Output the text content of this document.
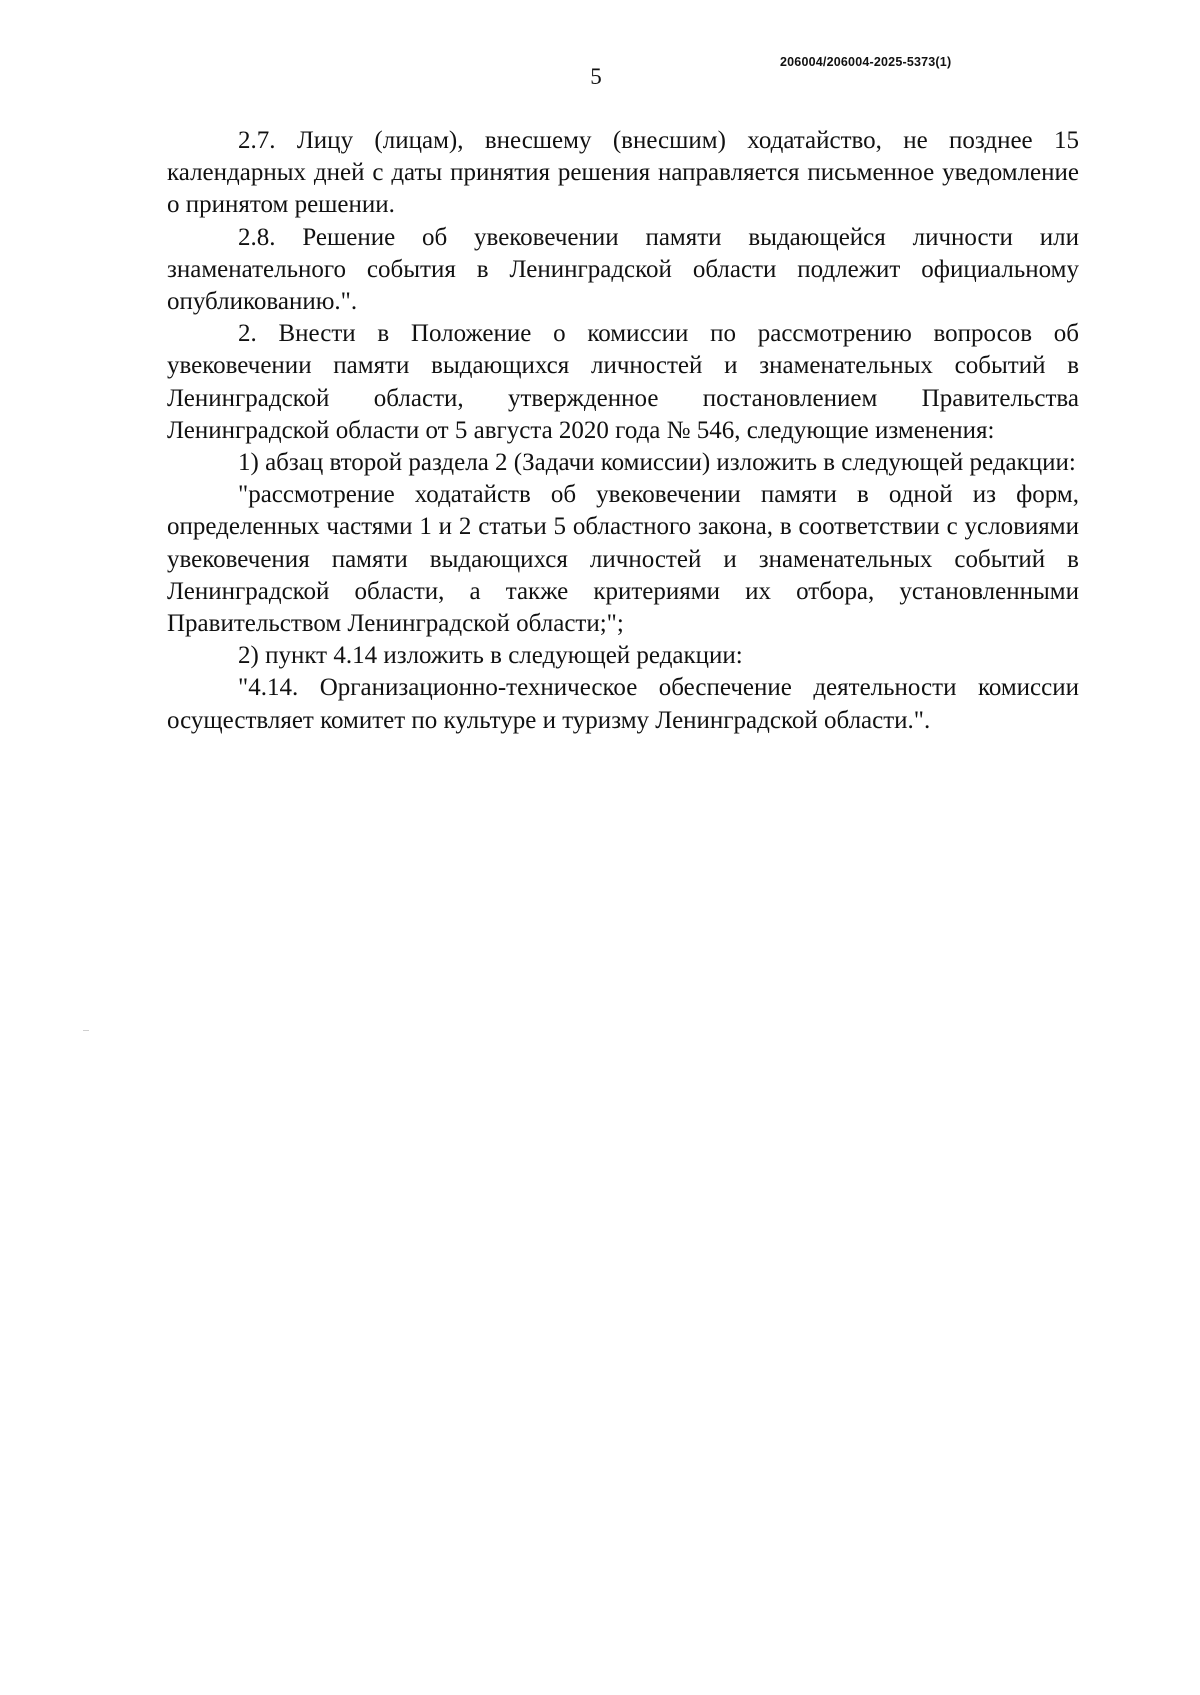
206004/206004-2025-5373(1)
5

2.7. Лицу (лицам), внесшему (внесшим) ходатайство, не позднее 15 календарных дней с даты принятия решения направляется письменное уведомление о принятом решении.

2.8. Решение об увековечении памяти выдающейся личности или знаменательного события в Ленинградской области подлежит официальному опубликованию.".

2. Внести в Положение о комиссии по рассмотрению вопросов об увековечении памяти выдающихся личностей и знаменательных событий в Ленинградской области, утвержденное постановлением Правительства Ленинградской области от 5 августа 2020 года № 546, следующие изменения:

1) абзац второй раздела 2 (Задачи комиссии) изложить в следующей редакции:

"рассмотрение ходатайств об увековечении памяти в одной из форм, определенных частями 1 и 2 статьи 5 областного закона, в соответствии с условиями увековечения памяти выдающихся личностей и знаменательных событий в Ленинградской области, а также критериями их отбора, установленными Правительством Ленинградской области;";

2) пункт 4.14 изложить в следующей редакции:

"4.14. Организационно-техническое обеспечение деятельности комиссии осуществляет комитет по культуре и туризму Ленинградской области.".
